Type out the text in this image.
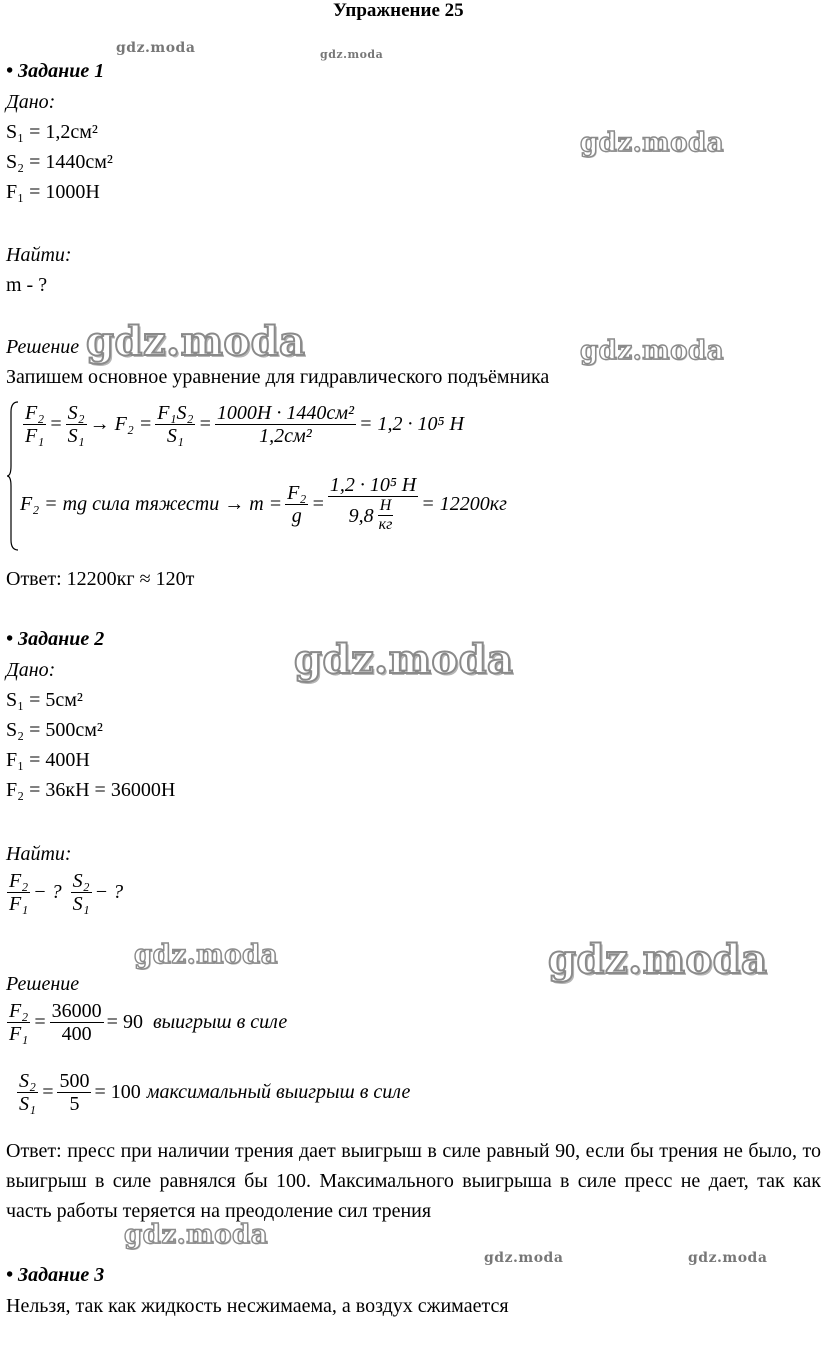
Упражнение 25
gdz.moda	gdz.moda
gdz.moda
gdz.moda	gdz.moda
gdz.moda
gdz.moda	gdz.moda
gdz.moda
gdz.moda	gdz.moda
• Задание 1
Дано:
S₁ = 1,2см²
S₂ = 1440см²
F₁ = 1000Н
Найти:
m - ?
Решение
Запишем основное уравнение для гидравлического подъёмника
$\frac{\text{F₂}}{\text{F₁}} = \frac{\text{S₂}}{\text{S₁}} \to F_2 = \frac{\text{F₁S₂}}{\text{S₁}} = \frac{\text{1000Н · 1440см²}}{\text{1,2см²}} = 1,2 \cdot 10^5$ Н
F₂ = mg сила тяжести → $m = \frac{\text{F₂}}{g} = \frac{\text{1,2 · 10⁵ Н}}{9,8 \frac{Н}{кг}} = 12200кг$
Ответ: 12200кг ≈ 120т
• Задание 2
Дано:
S₁ = 5см²
S₂ = 500см²
F₁ = 400Н
F₂ = 36кН = 36000Н
Найти:
$\frac{\text{F₂}}{\text{F₁}}$ − ? $\frac{\text{S₂}}{\text{S₁}}$ − ?
Решение
$\frac{\text{F₂}}{\text{F₁}} = \frac{36000}{400} = 90$ выигрыш в силе
$\frac{\text{S₂}}{\text{S₁}} = \frac{500}{5} = 100$ максимальный выигрыш в силе
Ответ: пресс при наличии трения дает выигрыш в силе равный 90, если бы трения не было, то выигрыш в силе равнялся бы 100. Максимального выигрыша в силе пресс не дает, так как часть работы теряется на преодоление сил трения
• Задание 3
Нельзя, так как жидкость несжимаема, а воздух сжимается
